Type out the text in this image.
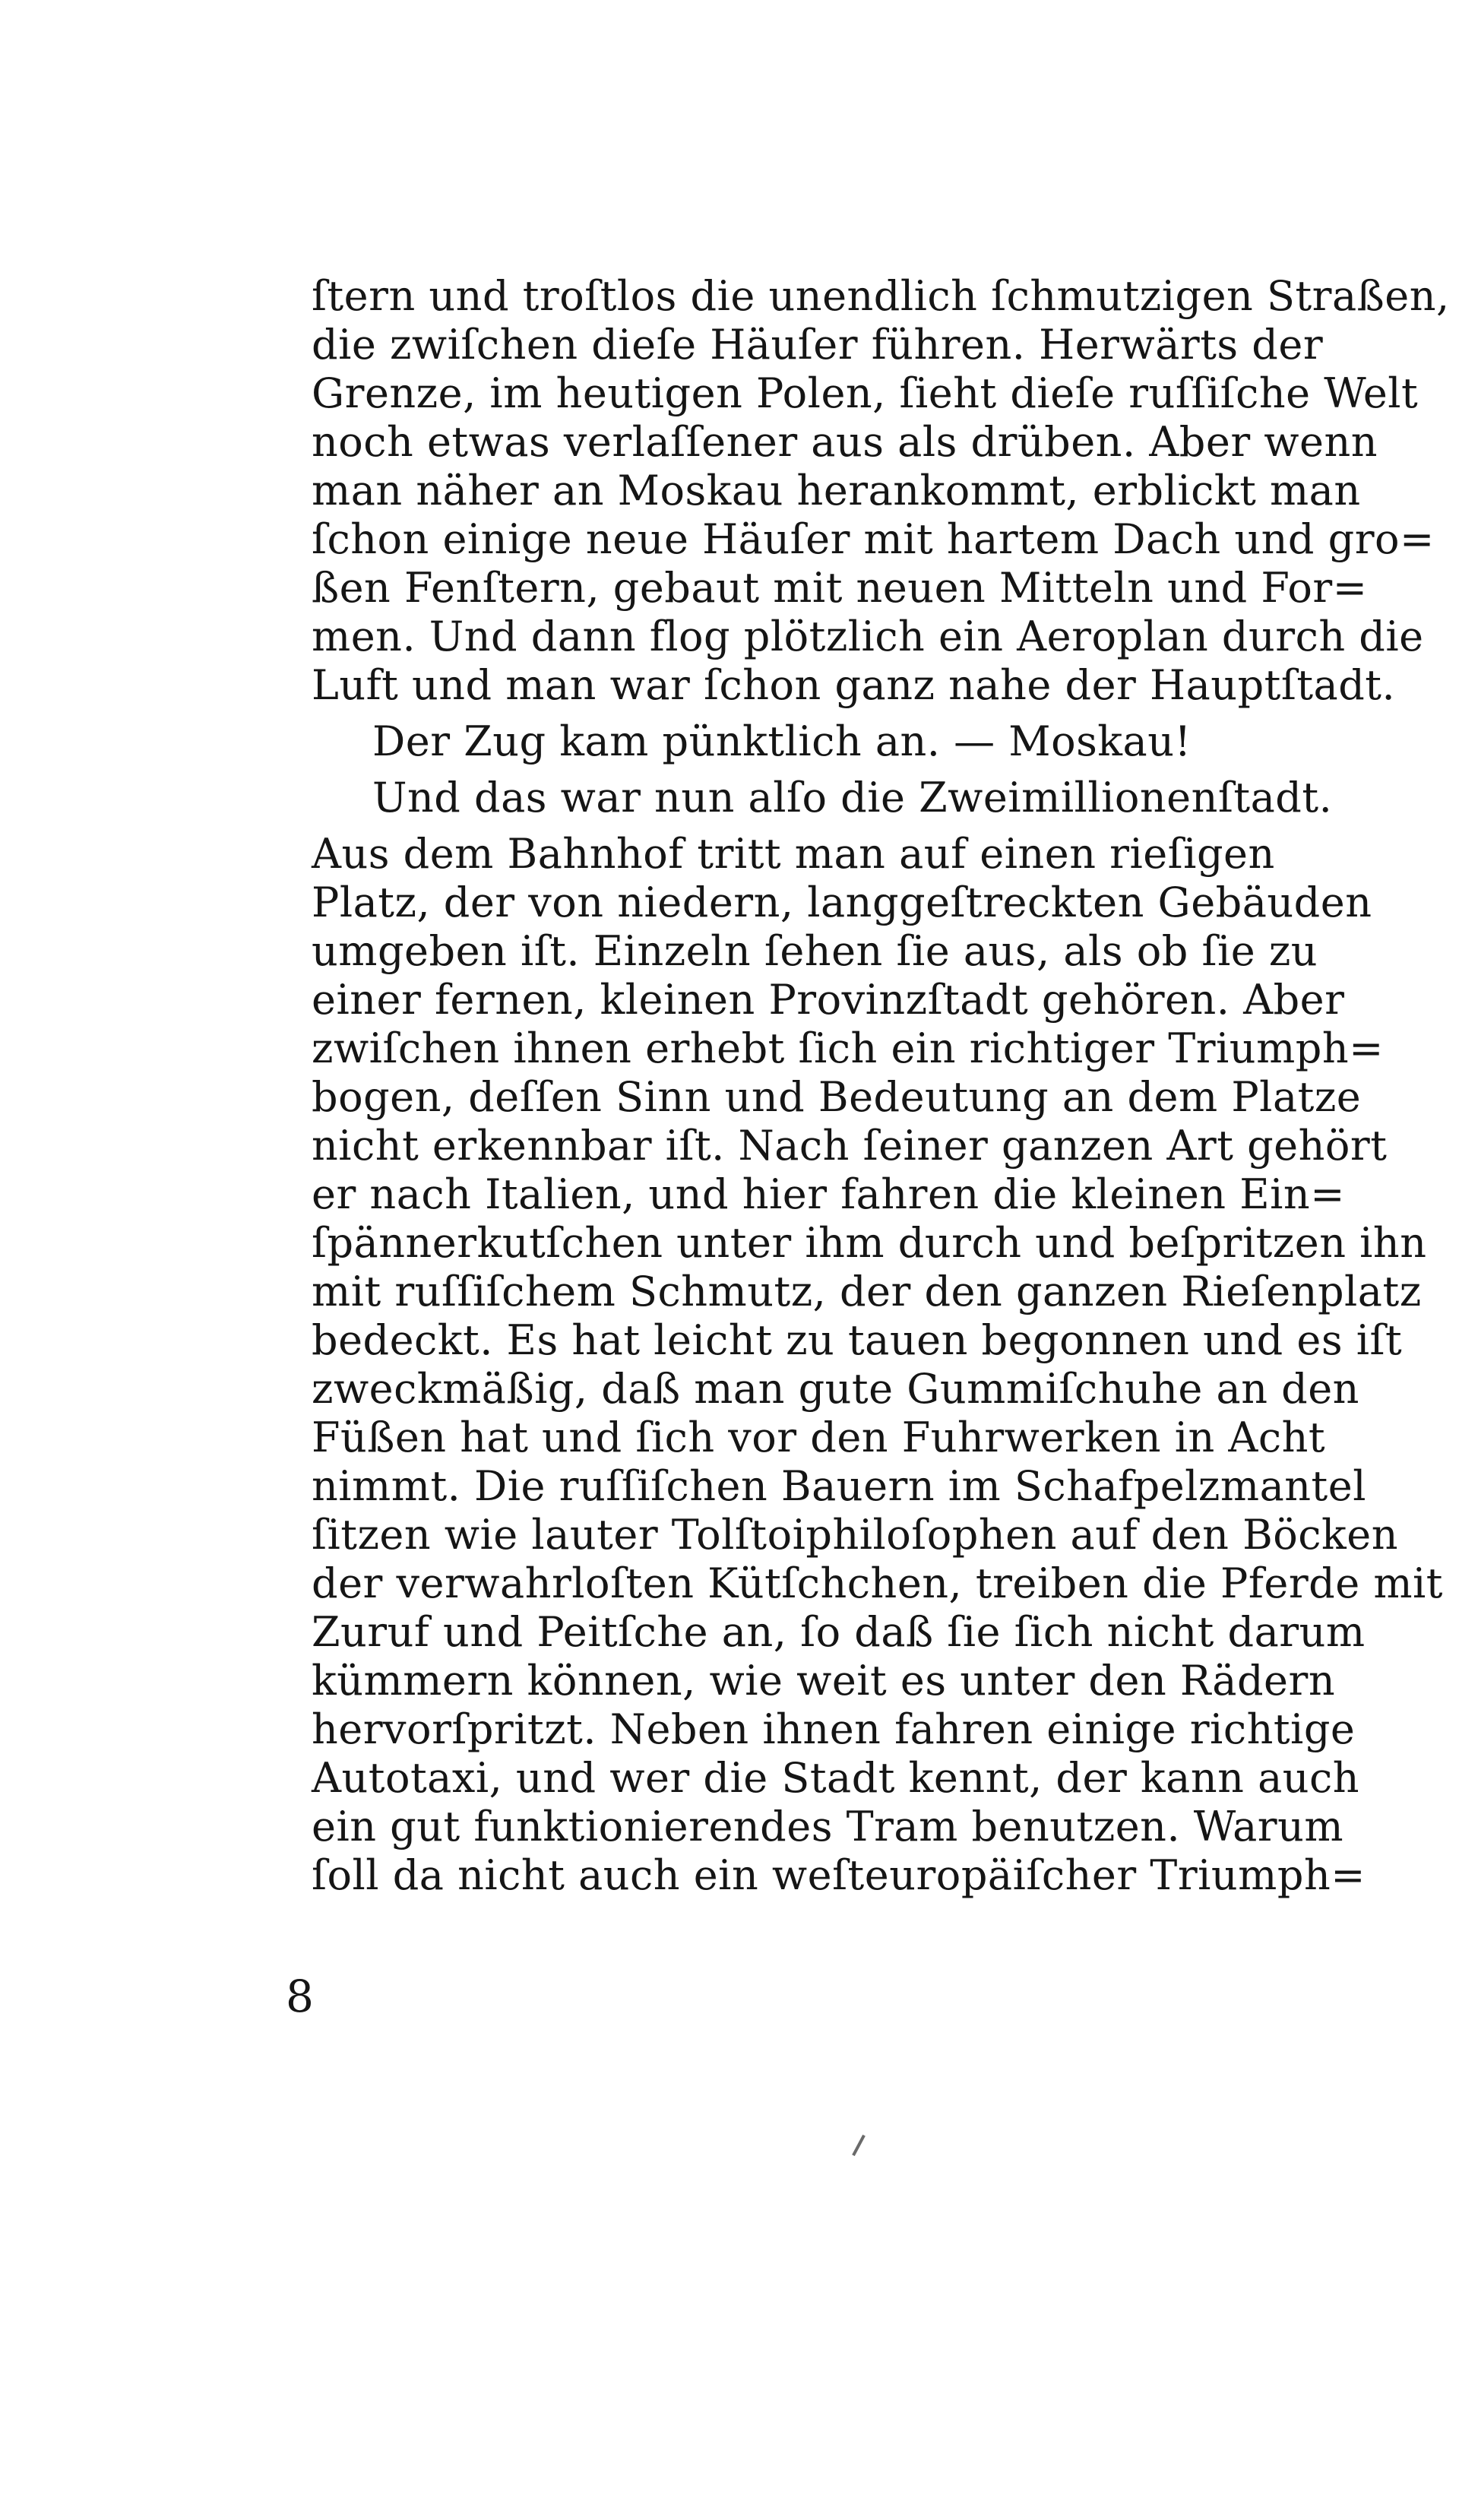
ſtern und troſtlos die unendlich ſchmutzigen Straßen,
die zwiſchen dieſe Häuſer führen. Herwärts der
Grenze, im heutigen Polen, ſieht dieſe ruſſiſche Welt
noch etwas verlaſſener aus als drüben. Aber wenn
man näher an Moskau herankommt, erblickt man
ſchon einige neue Häuſer mit hartem Dach und gro=
ßen Fenſtern, gebaut mit neuen Mitteln und For=
men. Und dann flog plötzlich ein Aeroplan durch die
Luft und man war ſchon ganz nahe der Hauptſtadt.
Der Zug kam pünktlich an. — Moskau!
Und das war nun alſo die Zweimillionenſtadt.
Aus dem Bahnhof tritt man auf einen rieſigen
Platz, der von niedern, langgeſtreckten Gebäuden
umgeben iſt. Einzeln ſehen ſie aus, als ob ſie zu
einer fernen, kleinen Provinzſtadt gehören. Aber
zwiſchen ihnen erhebt ſich ein richtiger Triumph=
bogen, deſſen Sinn und Bedeutung an dem Platze
nicht erkennbar iſt. Nach ſeiner ganzen Art gehört
er nach Italien, und hier fahren die kleinen Ein=
ſpännerkutſchen unter ihm durch und beſpritzen ihn
mit ruſſiſchem Schmutz, der den ganzen Rieſenplatz
bedeckt. Es hat leicht zu tauen begonnen und es iſt
zweckmäßig, daß man gute Gummiſchuhe an den
Füßen hat und ſich vor den Fuhrwerken in Acht
nimmt. Die ruſſiſchen Bauern im Schafpelzmantel
ſitzen wie lauter Tolſtoiphiloſophen auf den Böcken
der verwahrloſten Kütſchchen, treiben die Pferde mit
Zuruf und Peitſche an, ſo daß ſie ſich nicht darum
kümmern können, wie weit es unter den Rädern
hervorſpritzt. Neben ihnen fahren einige richtige
Autotaxi, und wer die Stadt kennt, der kann auch
ein gut funktionierendes Tram benutzen. Warum
ſoll da nicht auch ein weſteuropäiſcher Triumph=
8
